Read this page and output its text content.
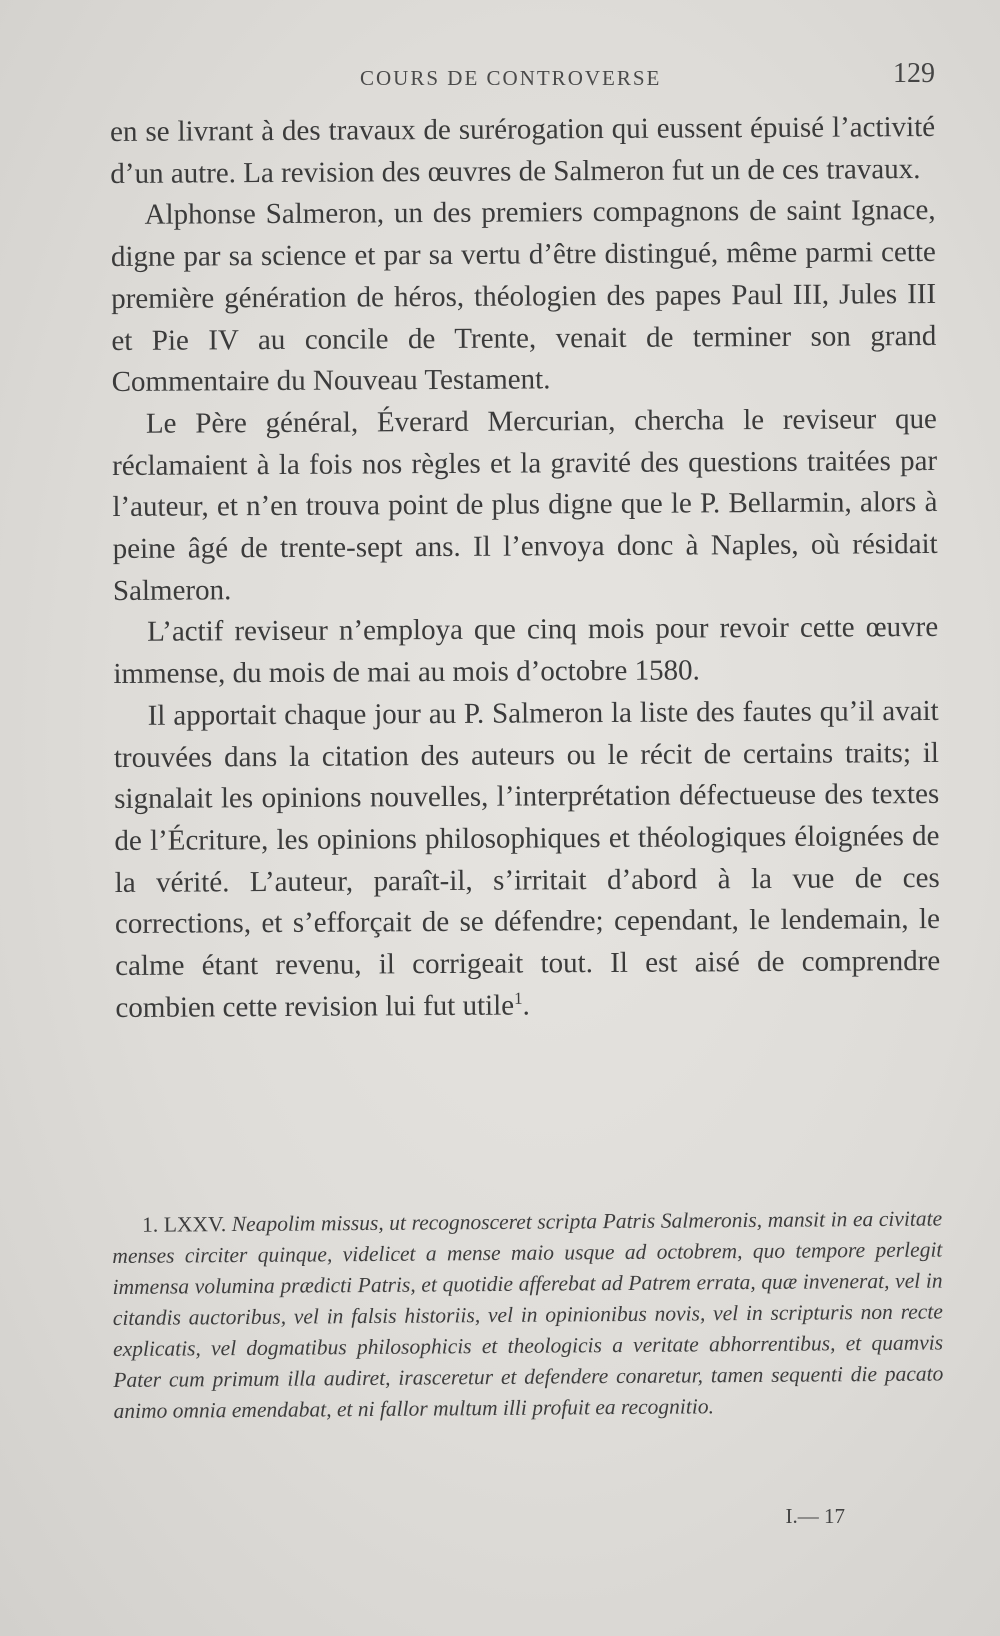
COURS DE CONTROVERSE	129

en se livrant à des travaux de surérogation qui eussent épuisé l’activité d’un autre. La revision des œuvres de Salmeron fut un de ces travaux.

Alphonse Salmeron, un des premiers compagnons de saint Ignace, digne par sa science et par sa vertu d’être distingué, même parmi cette première génération de héros, théologien des papes Paul III, Jules III et Pie IV au concile de Trente, venait de terminer son grand Commentaire du Nouveau Testament.

Le Père général, Éverard Mercurian, chercha le reviseur que réclamaient à la fois nos règles et la gravité des questions traitées par l’auteur, et n’en trouva point de plus digne que le P. Bellarmin, alors à peine âgé de trente-sept ans. Il l’envoya donc à Naples, où résidait Salmeron.

L’actif reviseur n’employa que cinq mois pour revoir cette œuvre immense, du mois de mai au mois d’octobre 1580.

Il apportait chaque jour au P. Salmeron la liste des fautes qu’il avait trouvées dans la citation des auteurs ou le récit de certains traits; il signalait les opinions nouvelles, l’interprétation défectueuse des textes de l’Écriture, les opinions philosophiques et théologiques éloignées de la vérité. L’auteur, paraît-il, s’irritait d’abord à la vue de ces corrections, et s’efforçait de se défendre; cependant, le lendemain, le calme étant revenu, il corrigeait tout. Il est aisé de comprendre combien cette revision lui fut utile$^1$.

1. LXXV. Neapolim missus, ut recognosceret scripta Patris Salmeronis, mansit in ea civitate menses circiter quinque, videlicet a mense maio usque ad octobrem, quo tempore perlegit immensa volumina prædicti Patris, et quotidie afferebat ad Patrem errata, quæ invenerat, vel in citandis auctoribus, vel in falsis historiis, vel in opinionibus novis, vel in scripturis non recte explicatis, vel dogmatibus philosophicis et theologicis a veritate abhorrentibus, et quamvis Pater cum primum illa audiret, irasceretur et defendere conaretur, tamen sequenti die pacato animo omnia emendabat, et ni fallor multum illi profuit ea recognitio.
I.— 17
